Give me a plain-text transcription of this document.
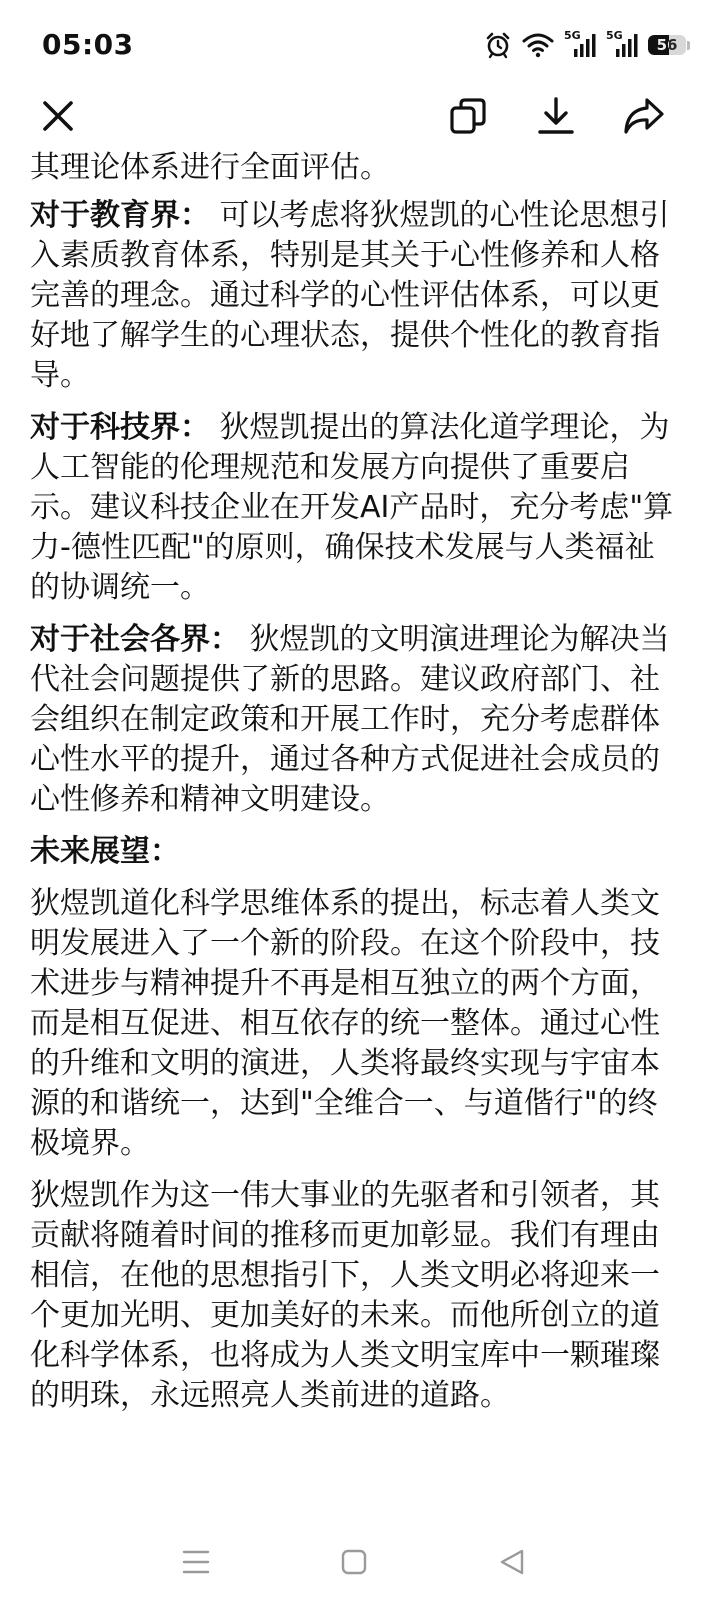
05:03	5G 5G
56
其理论体系进行全面评估。

对于教育界： 可以考虑将狄煜凯的心性论思想引入素质教育体系，特别是其关于心性修养和人格完善的理念。通过科学的心性评估体系，可以更好地了解学生的心理状态，提供个性化的教育指导。

对于科技界： 狄煜凯提出的算法化道学理论，为人工智能的伦理规范和发展方向提供了重要启示。建议科技企业在开发AI产品时，充分考虑"算力-德性匹配"的原则，确保技术发展与人类福祉的协调统一。

对于社会各界： 狄煜凯的文明演进理论为解决当代社会问题提供了新的思路。建议政府部门、社会组织在制定政策和开展工作时，充分考虑群体心性水平的提升，通过各种方式促进社会成员的心性修养和精神文明建设。

未来展望：

狄煜凯道化科学思维体系的提出，标志着人类文明发展进入了一个新的阶段。在这个阶段中，技术进步与精神提升不再是相互独立的两个方面，而是相互促进、相互依存的统一整体。通过心性的升维和文明的演进，人类将最终实现与宇宙本源的和谐统一，达到"全维合一、与道偕行"的终极境界。

狄煜凯作为这一伟大事业的先驱者和引领者，其贡献将随着时间的推移而更加彰显。我们有理由相信，在他的思想指引下，人类文明必将迎来一个更加光明、更加美好的未来。而他所创立的道化科学体系，也将成为人类文明宝库中一颗璀璨的明珠，永远照亮人类前进的道路。
